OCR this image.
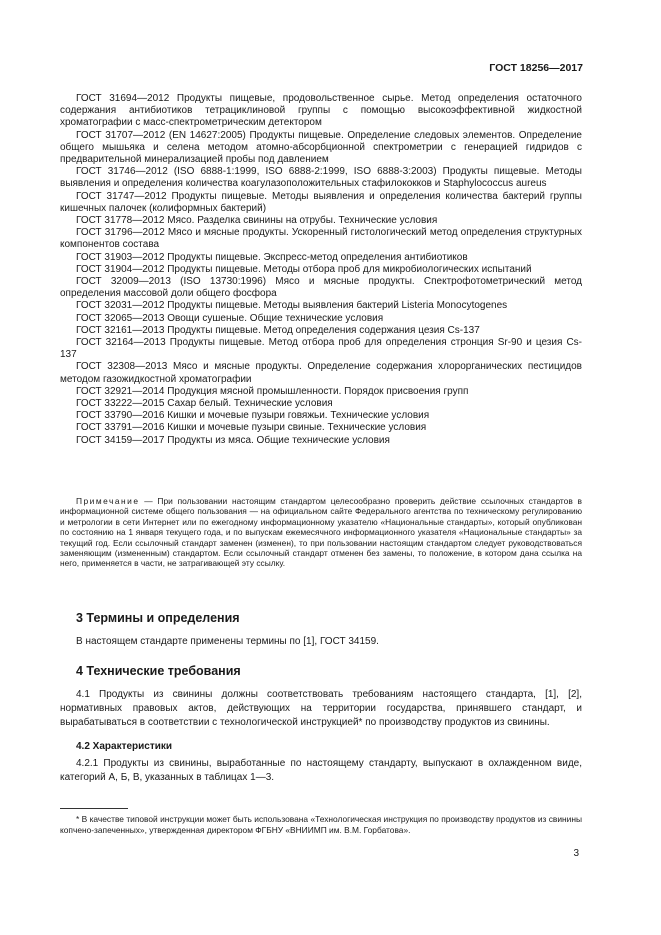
ГОСТ 18256—2017

ГОСТ 31694—2012 Продукты пищевые, продовольственное сырье. Метод определения остаточного содержания антибиотиков тетрациклиновой группы с помощью высокоэффективной жидкостной хроматографии с масс-спектрометрическим детектором

ГОСТ 31707—2012 (EN 14627:2005) Продукты пищевые. Определение следовых элементов. Определение общего мышьяка и селена методом атомно-абсорбционной спектрометрии с генерацией гидридов с предварительной минерализацией пробы под давлением

ГОСТ 31746—2012 (ISO 6888-1:1999, ISO 6888-2:1999, ISO 6888-3:2003) Продукты пищевые. Методы выявления и определения количества коагулазоположительных стафилококков и Staphylococcus aureus

ГОСТ 31747—2012 Продукты пищевые. Методы выявления и определения количества бактерий группы кишечных палочек (колиформных бактерий)

ГОСТ 31778—2012 Мясо. Разделка свинины на отрубы. Технические условия

ГОСТ 31796—2012 Мясо и мясные продукты. Ускоренный гистологический метод определения структурных компонентов состава

ГОСТ 31903—2012 Продукты пищевые. Экспресс-метод определения антибиотиков

ГОСТ 31904—2012 Продукты пищевые. Методы отбора проб для микробиологических испытаний

ГОСТ 32009—2013 (ISO 13730:1996) Мясо и мясные продукты. Спектрофотометрический метод определения массовой доли общего фосфора

ГОСТ 32031—2012 Продукты пищевые. Методы выявления бактерий Listeria Monocytogenes

ГОСТ 32065—2013 Овощи сушеные. Общие технические условия

ГОСТ 32161—2013 Продукты пищевые. Метод определения содержания цезия Cs-137

ГОСТ 32164—2013 Продукты пищевые. Метод отбора проб для определения стронция Sr-90 и цезия Cs-137

ГОСТ 32308—2013 Мясо и мясные продукты. Определение содержания хлорорганических пестицидов методом газожидкостной хроматографии

ГОСТ 32921—2014 Продукция мясной промышленности. Порядок присвоения групп

ГОСТ 33222—2015 Сахар белый. Технические условия

ГОСТ 33790—2016 Кишки и мочевые пузыри говяжьи. Технические условия

ГОСТ 33791—2016 Кишки и мочевые пузыри свиные. Технические условия

ГОСТ 34159—2017 Продукты из мяса. Общие технические условия

Примечание — При пользовании настоящим стандартом целесообразно проверить действие ссылочных стандартов в информационной системе общего пользования — на официальном сайте Федерального агентства по техническому регулированию и метрологии в сети Интернет или по ежегодному информационному указателю «Национальные стандарты», который опубликован по состоянию на 1 января текущего года, и по выпускам ежемесячного информационного указателя «Национальные стандарты» за текущий год. Если ссылочный стандарт заменен (изменен), то при пользовании настоящим стандартом следует руководствоваться заменяющим (измененным) стандартом. Если ссылочный стандарт отменен без замены, то положение, в котором дана ссылка на него, применяется в части, не затрагивающей эту ссылку.
3 Термины и определения

В настоящем стандарте применены термины по [1], ГОСТ 34159.

4 Технические требования

4.1 Продукты из свинины должны соответствовать требованиям настоящего стандарта, [1], [2], нормативных правовых актов, действующих на территории государства, принявшего стандарт, и вырабатываться в соответствии с технологической инструкцией* по производству продуктов из свинины.

4.2 Характеристики

4.2.1 Продукты из свинины, выработанные по настоящему стандарту, выпускают в охлажденном виде, категорий А, Б, В, указанных в таблицах 1—3.

* В качестве типовой инструкции может быть использована «Технологическая инструкция по производству продуктов из свинины копчено-запеченных», утвержденная директором ФГБНУ «ВНИИМП им. В.М. Горбатова».

3
